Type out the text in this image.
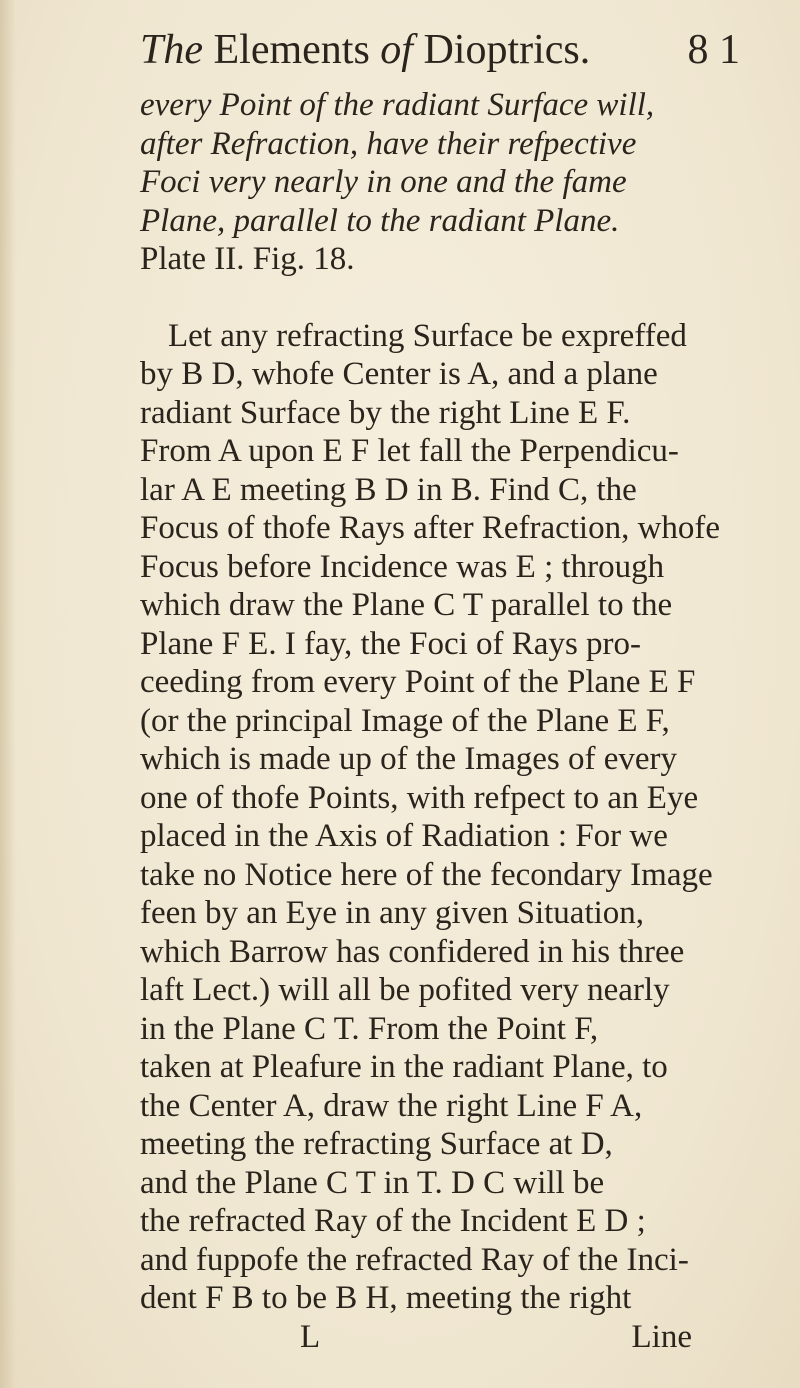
The Elements of Dioptrics. 8 1
every Point of the radiant Surface will,
after Refraction, have their refpective
Foci very nearly in one and the fame
Plane, parallel to the radiant Plane.
Plate II. Fig. 18.
Let any refracting Surface be expreffed
by B D, whofe Center is A, and a plane
radiant Surface by the right Line E F.
From A upon E F let fall the Perpendicu-
lar A E meeting B D in B. Find C, the
Focus of thofe Rays after Refraction, whofe
Focus before Incidence was E ; through
which draw the Plane C T parallel to the
Plane F E. I fay, the Foci of Rays pro-
ceeding from every Point of the Plane E F
(or the principal Image of the Plane E F,
which is made up of the Images of every
one of thofe Points, with refpect to an Eye
placed in the Axis of Radiation : For we
take no Notice here of the fecondary Image
feen by an Eye in any given Situation,
which Barrow has confidered in his three
laft Lect.) will all be pofited very nearly
in the Plane C T. From the Point F,
taken at Pleafure in the radiant Plane, to
the Center A, draw the right Line F A,
meeting the refracting Surface at D,
and the Plane C T in T. D C will be
the refracted Ray of the Incident E D ;
and fuppofe the refracted Ray of the Inci-
dent F B to be B H, meeting the right
L	Line
